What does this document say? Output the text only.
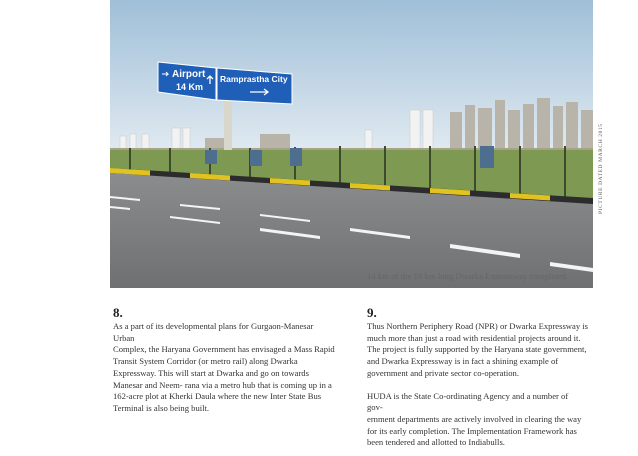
Airport
14 Km
Ramprastha City
14 km of the 18 km long Dwarka Expressway completed.
PICTURE DATED MARCH 2015
8.

As a part of its developmental plans for Gurgaon-Manesar

Urban

Complex, the Haryana Government has envisaged a Mass Rapid

Transit System Corridor (or metro rail) along Dwarka

Expressway. This will start at Dwarka and go on towards

Manesar and Neem- rana via a metro hub that is coming up in a

162-acre plot at Kherki Daula where the new Inter State Bus

Terminal is also being built.

9.

Thus Northern Periphery Road (NPR) or Dwarka Expressway is

much more than just a road with residential projects around it.

The project is fully supported by the Haryana state government,

and Dwarka Expressway is in fact a shining example of

government and private sector co-operation.

HUDA is the State Co-ordinating Agency and a number of

gov-

ernment departments are actively involved in clearing the way

for its early completion. The Implementation Framework has

been tendered and allotted to Indiabulls.
